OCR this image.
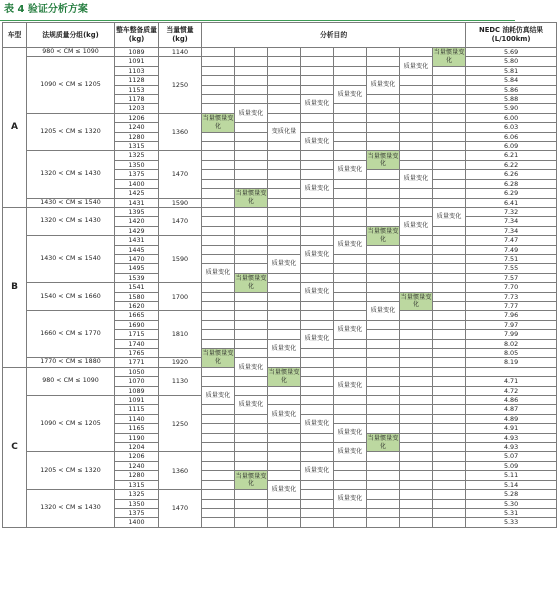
表 4 验证分析方案
车型	法规质量分组(kg)	整车整备质量(kg)	当量惯量(kg)	分析目的								NEDC 油耗仿真结果 (L/100km)	
A	980 < CM ≤ 1090	1089	1140								当量惯量变化	5.69	
	1090 < CM ≤ 1205	1091	1250							质量变化		5.80	
		1103										5.81	
		1128							质量变化			5.84	
		1153						质量变化				5.86	
		1178					质量变化					5.88	
		1203			质量变化							5.90	
	1205 < CM ≤ 1320	1206	1360	当量惯量变化								6.00	
		1240				变质化量						6.03	
		1280					质量变化					6.06	
		1315										6.09	
	1320 < CM ≤ 1430	1325	1470						当量惯量变化			6.21	
		1350						质量变化				6.22	
		1375								质量变化		6.26	
		1400					质量变化					6.28	
		1425			当量惯量变化							6.29	
	1430 < CM ≤ 1540	1431	1590									6.41	
B	1320 < CM ≤ 1430	1395	1470								质量变化	7.32	
		1420								质量变化		7.34	
		1429							当量惯量变化			7.34	
	1430 < CM ≤ 1540	1431	1590					质量变化				7.47	
		1445					质量变化					7.49	
		1470				质量变化						7.51	
		1495		质量变化								7.55	
		1539			当量惯量变化							7.57	
	1540 < CM ≤ 1660	1541	1700				质量变化					7.70	
		1580								当量惯量变化		7.73	
		1620							质量变化			7.77	
	1660 < CM ≤ 1770	1665	1810									7.96	
		1690						质量变化				7.97	
		1715					质量变化					7.99	
		1740				质量变化						8.02	
		1765		当量惯量变化								8.05	
	1770 < CM ≤ 1880	1771	1920		质量变化							8.19	
C	980 < CM ≤ 1090	1050	1130			当量惯量变化							
		1070						质量变化				4.71	
		1089		质量变化								4.72	
	1090 < CM ≤ 1205	1091	1250		质量变化							4.86	
		1115				质量变化						4.87	
		1140					质量变化					4.89	
		1165						质量变化				4.91	
		1190							当量惯量变化			4.93	
		1204						质量变化				4.93	
	1205 < CM ≤ 1320	1206	1360									5.07	
		1240					质量变化					5.09	
		1280			当量惯量变化							5.11	
		1315				质量变化						5.14	
	1320 < CM ≤ 1430	1325	1470					质量变化				5.28	
		1350										5.30	
		1375										5.31	
		1400										5.33	
